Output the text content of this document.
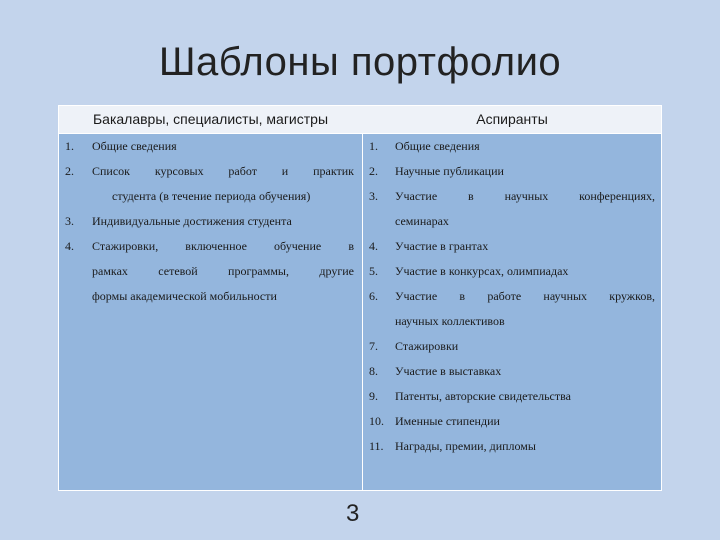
Шаблоны портфолио
Бакалавры, специалисты, магистры	Аспиранты
1.	Общие сведения
2.	Список курсовых работ и практик
студента (в течение периода обучения)
3.	Индивидуальные достижения студента
4.	Стажировки, включенное обучение в
рамках сетевой программы, другие
формы академической мобильности
1.	Общие сведения
2.	Научные публикации
3.	Участие в научных конференциях,
семинарах
4.	Участие в грантах
5.	Участие в конкурсах, олимпиадах
6.	Участие в работе научных кружков,
научных коллективов
7.	Стажировки
8.	Участие в выставках
9.	Патенты, авторские свидетельства
10. Именные стипендии
11. Награды, премии, дипломы
3
